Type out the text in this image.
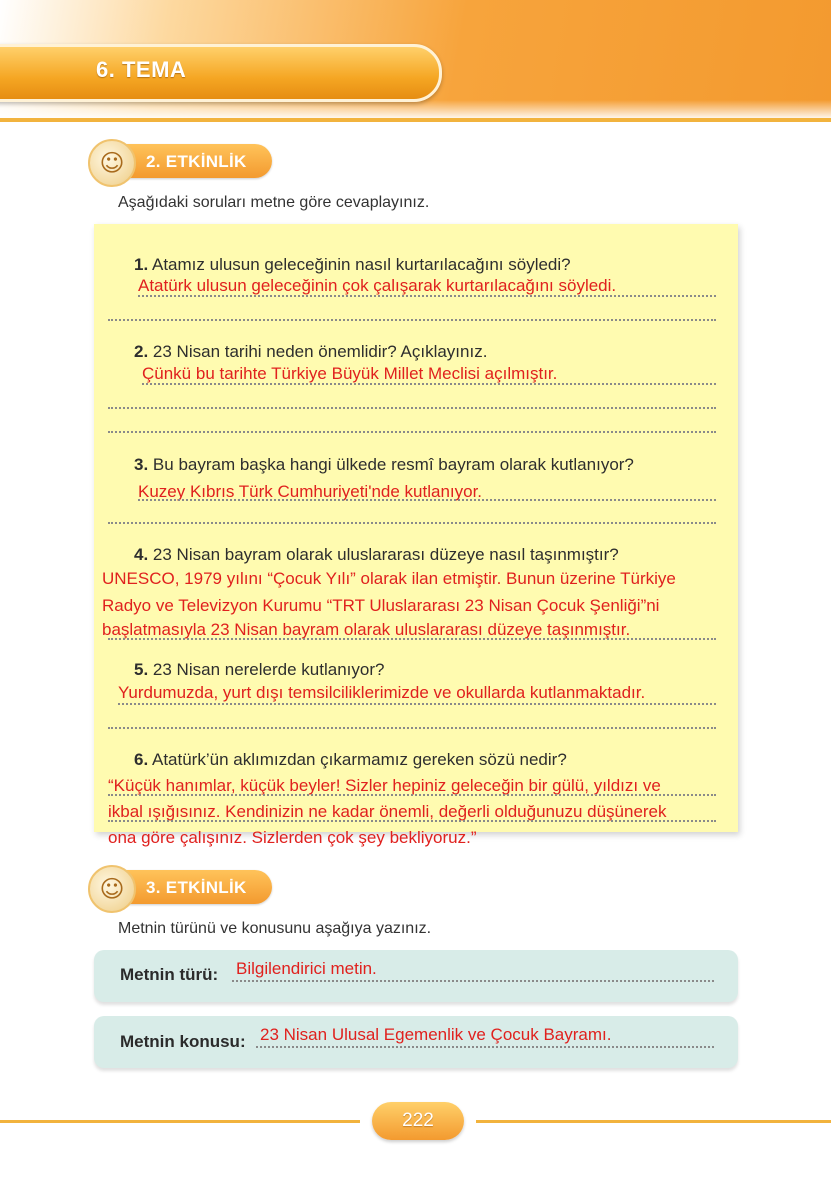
6. TEMA
☺	2. ETKİNLİK
Aşağıdaki soruları metne göre cevaplayınız.
1. Atamız ulusun geleceğinin nasıl kurtarılacağını söyledi?
Atatürk ulusun geleceğinin çok çalışarak kurtarılacağını söyledi.
2. 23 Nisan tarihi neden önemlidir? Açıklayınız.
Çünkü bu tarihte Türkiye Büyük Millet Meclisi açılmıştır.
3. Bu bayram başka hangi ülkede resmî bayram olarak kutlanıyor?
Kuzey Kıbrıs Türk Cumhuriyeti'nde kutlanıyor.
4. 23 Nisan bayram olarak uluslararası düzeye nasıl taşınmıştır?
UNESCO, 1979 yılını “Çocuk Yılı” olarak ilan etmiştir. Bunun üzerine Türkiye
Radyo ve Televizyon Kurumu “TRT Uluslararası 23 Nisan Çocuk Şenliği”ni
başlatmasıyla 23 Nisan bayram olarak uluslararası düzeye taşınmıştır.
5. 23 Nisan nerelerde kutlanıyor?
Yurdumuzda, yurt dışı temsilciliklerimizde ve okullarda kutlanmaktadır.
6. Atatürk’ün aklımızdan çıkarmamız gereken sözü nedir?
“Küçük hanımlar, küçük beyler! Sizler hepiniz geleceğin bir gülü, yıldızı ve
ikbal ışığısınız. Kendinizin ne kadar önemli, değerli olduğunuzu düşünerek
ona göre çalışınız. Sizlerden çok şey bekliyoruz.”
☺	3. ETKİNLİK
Metnin türünü ve konusunu aşağıya yazınız.
Metnin türü: Bilgilendirici metin.
Metnin konusu: 23 Nisan Ulusal Egemenlik ve Çocuk Bayramı.
222
